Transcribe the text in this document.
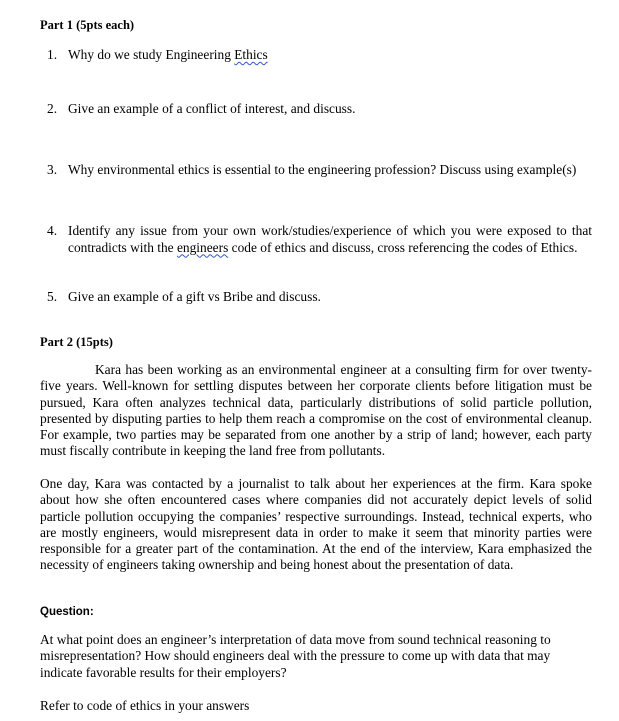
Part 1 (5pts each)
1. Why do we study Engineering Ethics
2. Give an example of a conflict of interest, and discuss.
3. Why environmental ethics is essential to the engineering profession? Discuss using example(s)
4. Identify any issue from your own work/studies/experience of which you were exposed to that contradicts with the engineers code of ethics and discuss, cross referencing the codes of Ethics.
5. Give an example of a gift vs Bribe and discuss.
Part 2 (15pts)
Kara has been working as an environmental engineer at a consulting firm for over twenty-five years. Well-known for settling disputes between her corporate clients before litigation must be pursued, Kara often analyzes technical data, particularly distributions of solid particle pollution, presented by disputing parties to help them reach a compromise on the cost of environmental cleanup. For example, two parties may be separated from one another by a strip of land; however, each party must fiscally contribute in keeping the land free from pollutants.
One day, Kara was contacted by a journalist to talk about her experiences at the firm. Kara spoke about how she often encountered cases where companies did not accurately depict levels of solid particle pollution occupying the companies’ respective surroundings. Instead, technical experts, who are mostly engineers, would misrepresent data in order to make it seem that minority parties were responsible for a greater part of the contamination. At the end of the interview, Kara emphasized the necessity of engineers taking ownership and being honest about the presentation of data.
Question:
At what point does an engineer’s interpretation of data move from sound technical reasoning to misrepresentation? How should engineers deal with the pressure to come up with data that may indicate favorable results for their employers?
Refer to code of ethics in your answers
